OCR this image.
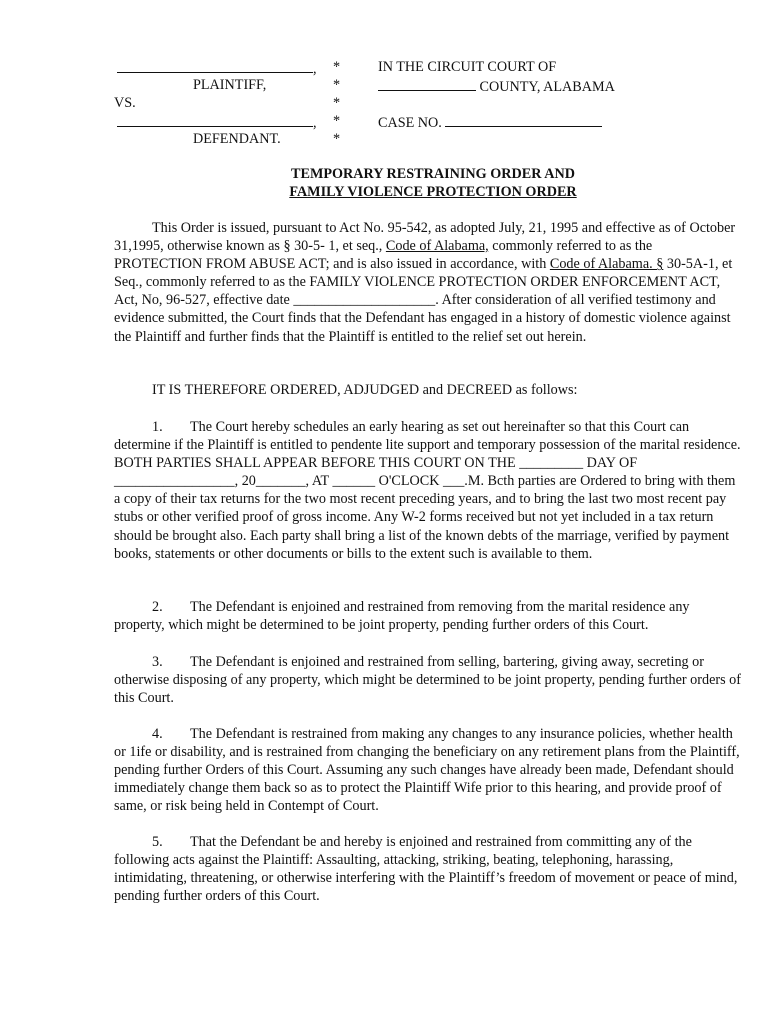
,
PLAINTIFF,
VS.
,
DEFENDANT.
*
*
*
*
*
IN THE CIRCUIT COURT OF
COUNTY, ALABAMA
CASE NO.
TEMPORARY RESTRAINING ORDER AND
FAMILY VIOLENCE PROTECTION ORDER

This Order is issued, pursuant to Act No. 95-542, as adopted July, 21, 1995 and effective as of October 31,1995, otherwise known as § 30-5- 1, et seq., Code of Alabama, commonly referred to as the PROTECTION FROM ABUSE ACT; and is also issued in accordance, with Code of Alabama. § 30-5A-1, et Seq., commonly referred to as the FAMILY VIOLENCE PROTECTION ORDER ENFORCEMENT ACT, Act, No, 96-527, effective date ____________________. After consideration of all verified testimony and evidence submitted, the Court finds that the Defendant has engaged in a history of domestic violence against the Plaintiff and further finds that the Plaintiff is entitled to the relief set out herein.

IT IS THEREFORE ORDERED, ADJUDGED and DECREED as follows:

1. The Court hereby schedules an early hearing as set out hereinafter so that this Court can determine if the Plaintiff is entitled to pendente lite support and temporary possession of the marital residence. BOTH PARTIES SHALL APPEAR BEFORE THIS COURT ON THE _________ DAY OF _________________, 20_______, AT ______ O'CLOCK ___.M. Bcth parties are Ordered to bring with them a copy of their tax returns for the two most recent preceding years, and to bring the last two most recent pay stubs or other verified proof of gross income. Any W-2 forms received but not yet included in a tax return should be brought also. Each party shall bring a list of the known debts of the marriage, verified by payment books, statements or other documents or bills to the extent such is available to them.

2. The Defendant is enjoined and restrained from removing from the marital residence any property, which might be determined to be joint property, pending further orders of this Court.

3. The Defendant is enjoined and restrained from selling, bartering, giving away, secreting or otherwise disposing of any property, which might be determined to be joint property, pending further orders of this Court.

4. The Defendant is restrained from making any changes to any insurance policies, whether health or 1ife or disability, and is restrained from changing the beneficiary on any retirement plans from the Plaintiff, pending further Orders of this Court. Assuming any such changes have already been made, Defendant should immediately change them back so as to protect the Plaintiff Wife prior to this hearing, and provide proof of same, or risk being held in Contempt of Court.

5. That the Defendant be and hereby is enjoined and restrained from committing any of the following acts against the Plaintiff: Assaulting, attacking, striking, beating, telephoning, harassing, intimidating, threatening, or otherwise interfering with the Plaintiff’s freedom of movement or peace of mind, pending further orders of this Court.
